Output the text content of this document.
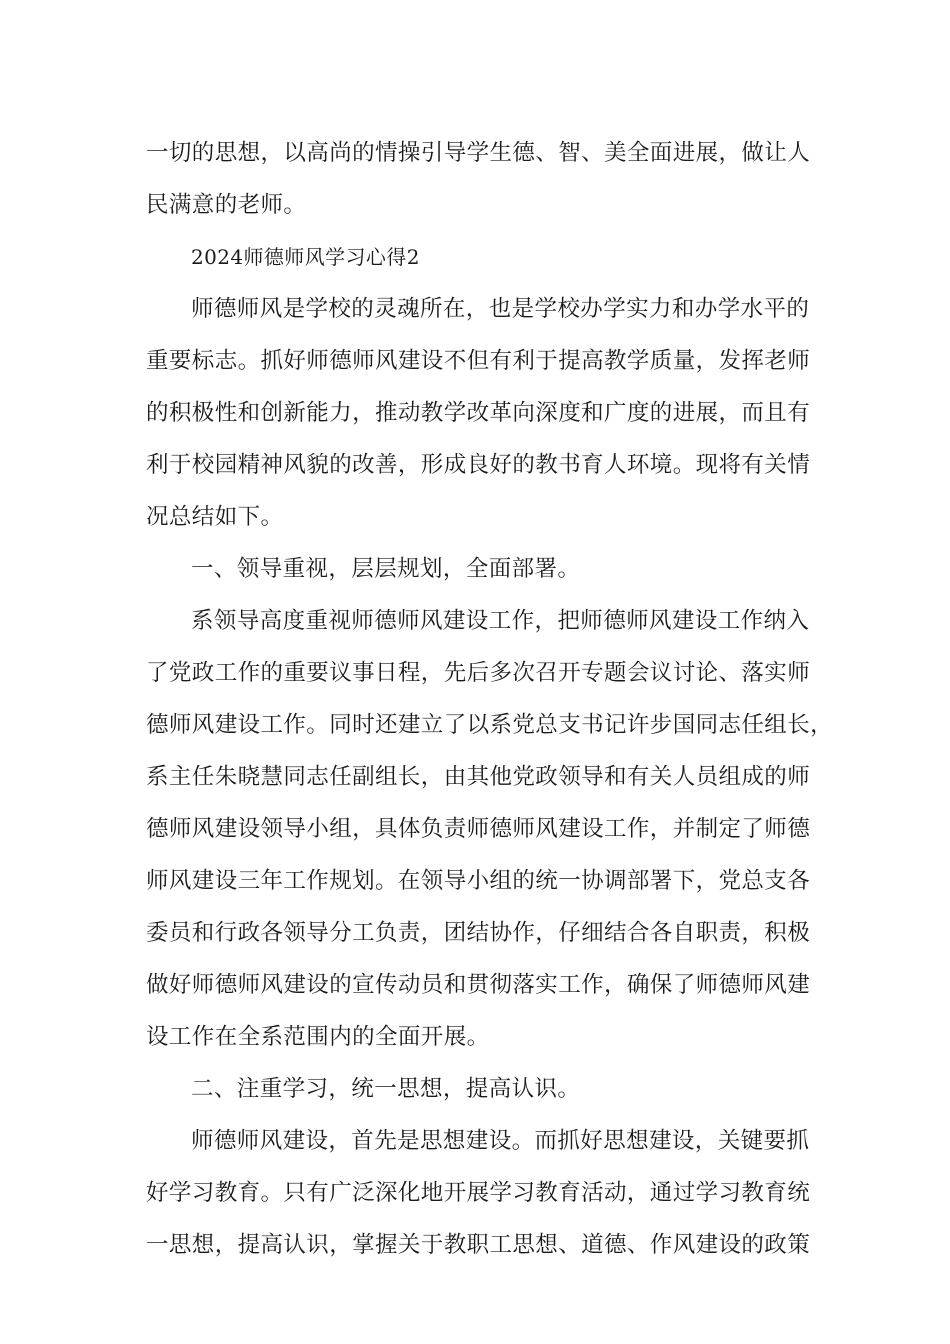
一切的思想，以高尚的情操引导学生德、智、美全面进展，做让人
民满意的老师。
2024师德师风学习心得2
师德师风是学校的灵魂所在，也是学校办学实力和办学水平的
重要标志。抓好师德师风建设不但有利于提高教学质量，发挥老师
的积极性和创新能力，推动教学改革向深度和广度的进展，而且有
利于校园精神风貌的改善，形成良好的教书育人环境。现将有关情
况总结如下。
一、领导重视，层层规划，全面部署。
系领导高度重视师德师风建设工作，把师德师风建设工作纳入
了党政工作的重要议事日程，先后多次召开专题会议讨论、落实师
德师风建设工作。同时还建立了以系党总支书记许步国同志任组长，
系主任朱晓慧同志任副组长，由其他党政领导和有关人员组成的师
德师风建设领导小组，具体负责师德师风建设工作，并制定了师德
师风建设三年工作规划。在领导小组的统一协调部署下，党总支各
委员和行政各领导分工负责，团结协作，仔细结合各自职责，积极
做好师德师风建设的宣传动员和贯彻落实工作，确保了师德师风建
设工作在全系范围内的全面开展。
二、注重学习，统一思想，提高认识。
师德师风建设，首先是思想建设。而抓好思想建设，关键要抓
好学习教育。只有广泛深化地开展学习教育活动，通过学习教育统
一思想，提高认识，掌握关于教职工思想、道德、作风建设的政策
